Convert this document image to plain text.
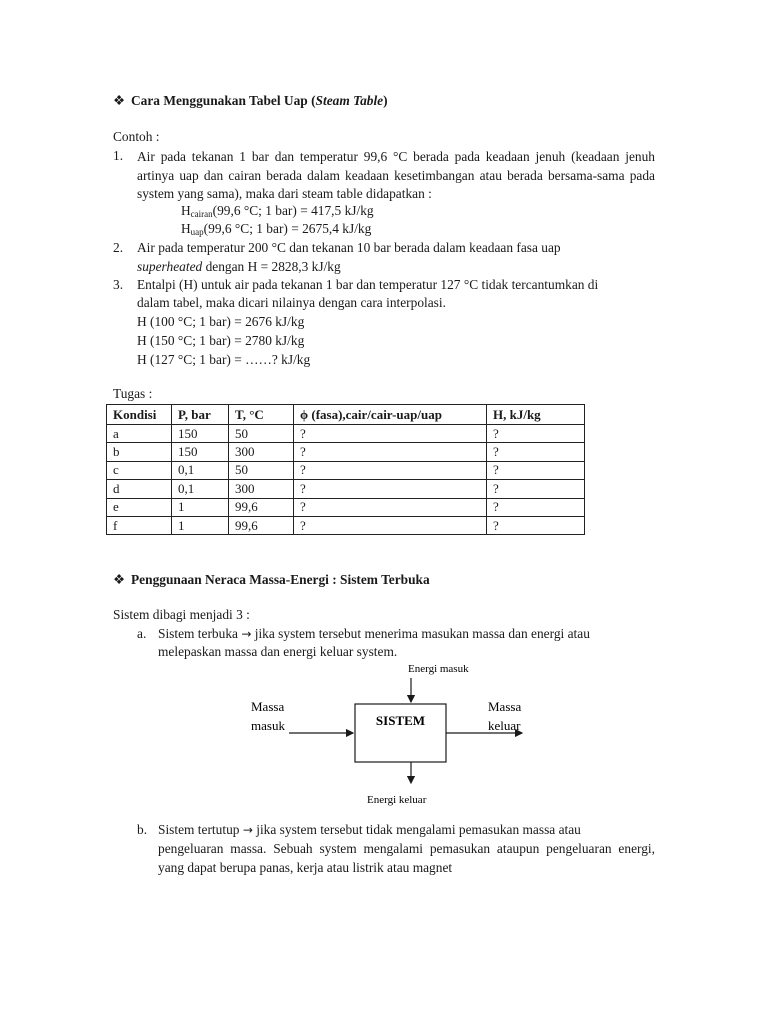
❖ Cara Menggunakan Tabel Uap (Steam Table)
Contoh :
1. Air pada tekanan 1 bar dan temperatur 99,6 °C berada pada keadaan jenuh (keadaan jenuh artinya uap dan cairan berada dalam keadaan kesetimbangan atau berada bersama-sama pada system yang sama), maka dari steam table didapatkan :
$H_{cairan}(99,6$ °C; 1 bar) = 417,5 kJ/kg
$H_{uap}(99,6$ °C; 1 bar) = 2675,4 kJ/kg
2. Air pada temperatur 200 °C dan tekanan 10 bar berada dalam keadaan fasa uap
superheated dengan H = 2828,3 kJ/kg
3. Entalpi (H) untuk air pada tekanan 1 bar dan temperatur 127 °C tidak tercantumkan di
dalam tabel, maka dicari nilainya dengan cara interpolasi.
H (100 °C; 1 bar) = 2676 kJ/kg
H (150 °C; 1 bar) = 2780 kJ/kg
H (127 °C; 1 bar) = ……? kJ/kg
Tugas :
Kondisi	P, bar	T, °C	ϕ (fasa),cair/cair-uap/uap	H, kJ/kg
a	150	50	?	?
b	150	300	?	?
c	0,1	50	?	?
d	0,1	300	?	?
e	1	99,6	?	?
f	1	99,6	?	?
❖ Penggunaan Neraca Massa-Energi : Sistem Terbuka
Sistem dibagi menjadi 3 :
a. Sistem terbuka → jika system tersebut menerima masukan massa dan energi atau
melepaskan massa dan energi keluar system.
Energi masuk
SISTEM
Massa
masuk
Massa
keluar
Energi keluar
b. Sistem tertutup → jika system tersebut tidak mengalami pemasukan massa atau
pengeluaran massa. Sebuah system mengalami pemasukan ataupun pengeluaran energi, yang dapat berupa panas, kerja atau listrik atau magnet
